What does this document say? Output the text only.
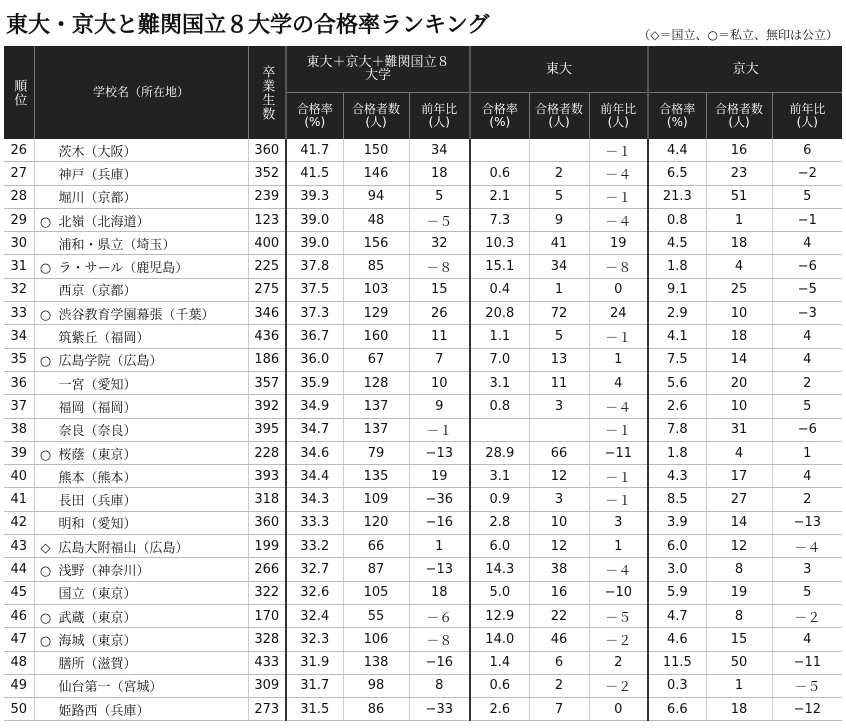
東大・京大と難関国立８大学の合格率ランキング	（◇＝国立、○＝私立、無印は公立）
順位	学校名（所在地）	卒業生数	東大＋京大＋難関国立８大学			東大			京大		
			合格率(%)	合格者数(人)	前年比(人)	合格率(%)	合格者数(人)	前年比(人)	合格率(%)	合格者数(人)	前年比(人)
26	茨木（大阪）	360	41.7	150	34			－１	4.4	16	6
27	神戸（兵庫）	352	41.5	146	18	0.6	2	－４	6.5	23	−2
28	堀川（京都）	239	39.3	94	5	2.1	5	－１	21.3	51	5
29	○ 北嶺（北海道）	123	39.0	48	－５	7.3	9	－４	0.8	1	−1
30	浦和・県立（埼玉）	400	39.0	156	32	10.3	41	19	4.5	18	4
31	○ ラ・サール（鹿児島）	225	37.8	85	－８	15.1	34	－８	1.8	4	−6
32	西京（京都）	275	37.5	103	15	0.4	1	0	9.1	25	−5
33	○ 渋谷教育学園幕張（千葉）	346	37.3	129	26	20.8	72	24	2.9	10	−3
34	筑紫丘（福岡）	436	36.7	160	11	1.1	5	－１	4.1	18	4
35	○ 広島学院（広島）	186	36.0	67	7	7.0	13	1	7.5	14	4
36	一宮（愛知）	357	35.9	128	10	3.1	11	4	5.6	20	2
37	福岡（福岡）	392	34.9	137	9	0.8	3	－４	2.6	10	5
38	奈良（奈良）	395	34.7	137	－１			－１	7.8	31	−6
39	○ 桜蔭（東京）	228	34.6	79	−13	28.9	66	−11	1.8	4	1
40	熊本（熊本）	393	34.4	135	19	3.1	12	－１	4.3	17	4
41	長田（兵庫）	318	34.3	109	−36	0.9	3	－１	8.5	27	2
42	明和（愛知）	360	33.3	120	−16	2.8	10	3	3.9	14	−13
43	◇ 広島大附福山（広島）	199	33.2	66	1	6.0	12	1	6.0	12	－４
44	○ 浅野（神奈川）	266	32.7	87	−13	14.3	38	－４	3.0	8	3
45	国立（東京）	322	32.6	105	18	5.0	16	−10	5.9	19	5
46	○ 武蔵（東京）	170	32.4	55	－６	12.9	22	－５	4.7	8	－２
47	○ 海城（東京）	328	32.3	106	－８	14.0	46	－２	4.6	15	4
48	膳所（滋賀）	433	31.9	138	−16	1.4	6	2	11.5	50	−11
49	仙台第一（宮城）	309	31.7	98	8	0.6	2	－２	0.3	1	－５
50	姫路西（兵庫）	273	31.5	86	−33	2.6	7	0	6.6	18	−12
